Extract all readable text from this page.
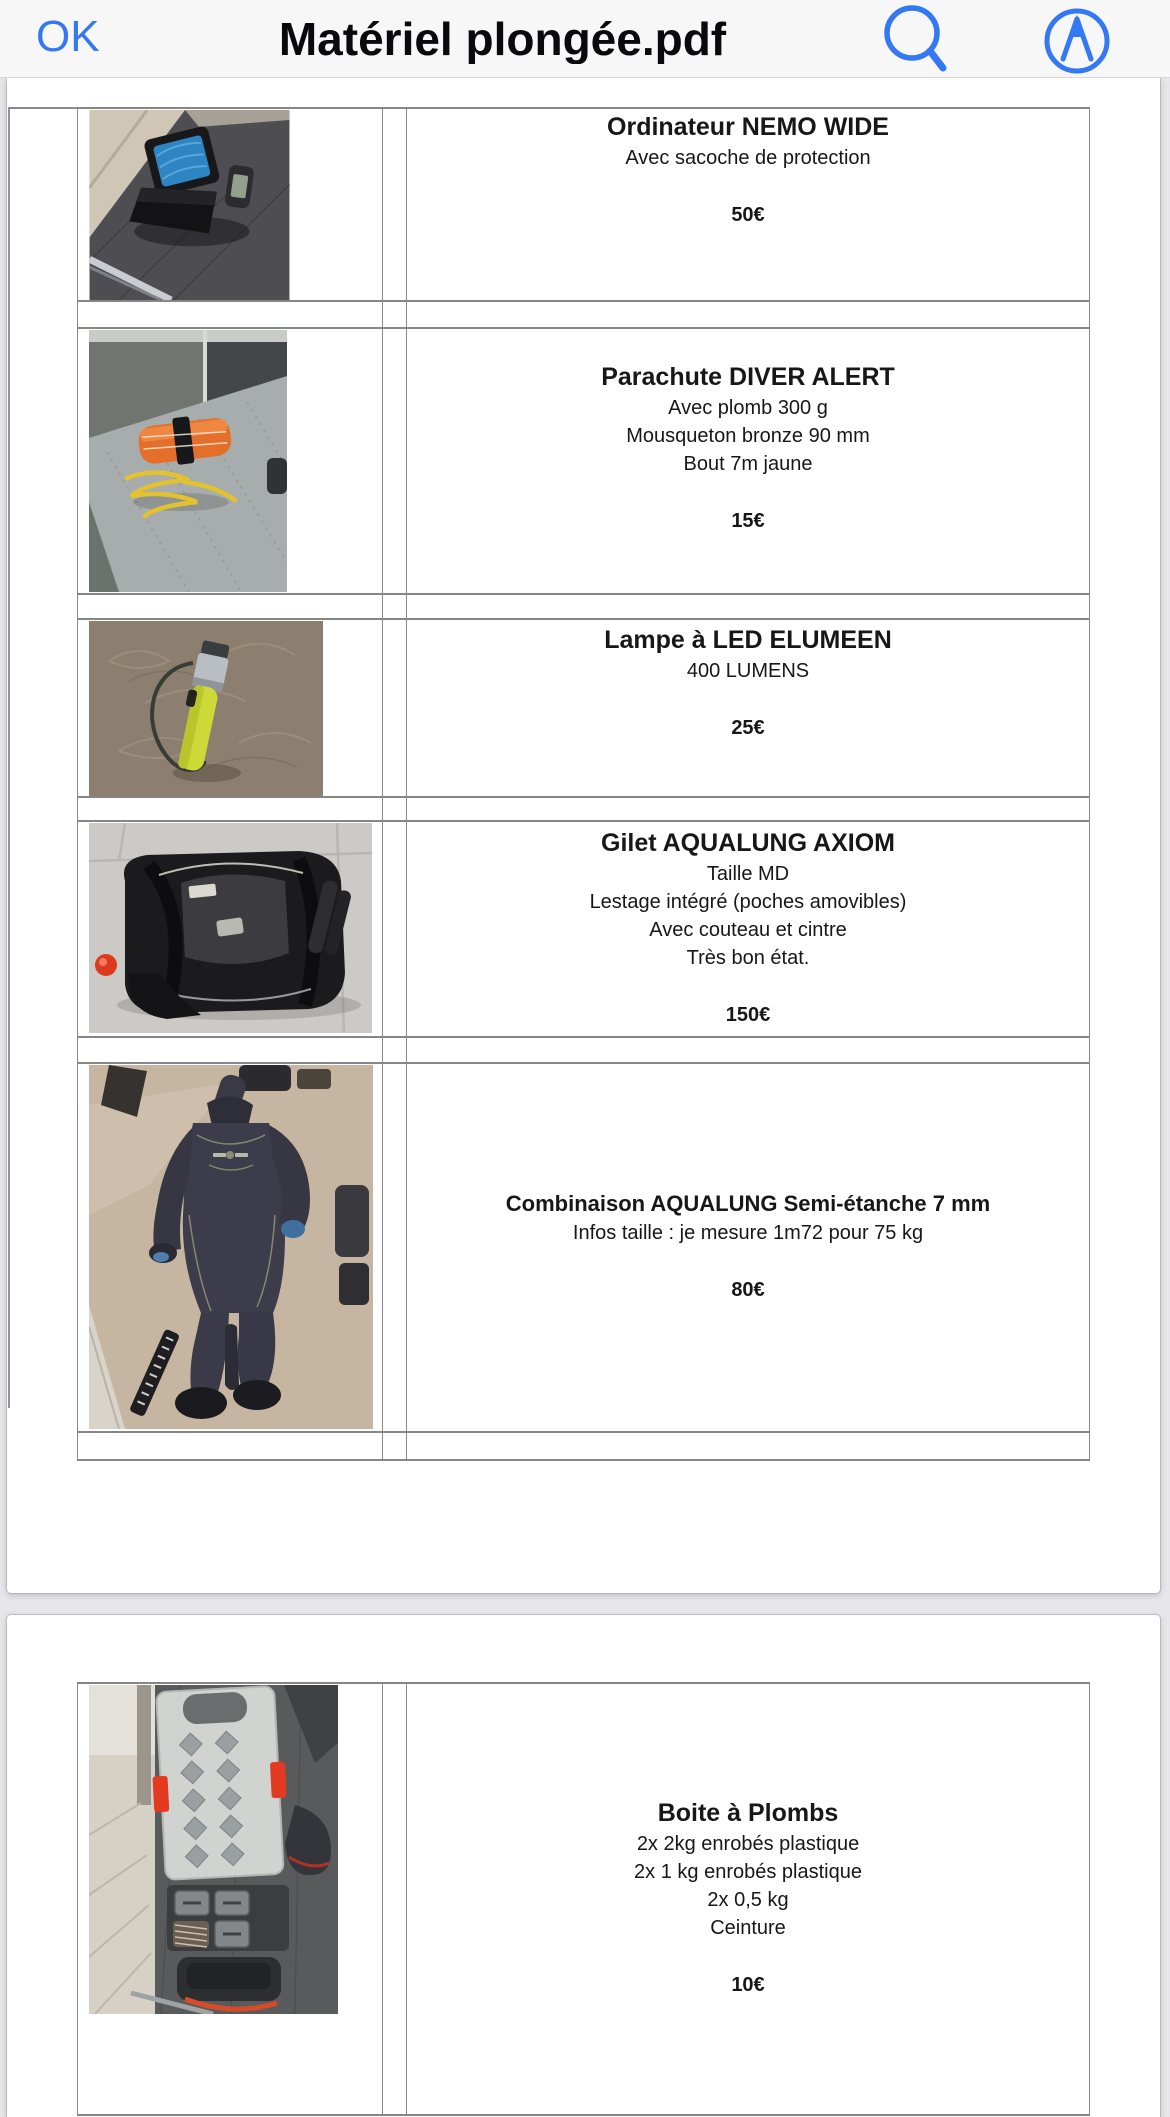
OK	Matériel plongée.pdf
Ordinateur NEMO WIDE
Avec sacoche de protection
50€
Parachute DIVER ALERT
Avec plomb 300 g
Mousqueton bronze 90 mm
Bout 7m jaune
15€
Lampe à LED ELUMEEN
400 LUMENS
25€
Gilet AQUALUNG AXIOM
Taille MD
Lestage intégré (poches amovibles)
Avec couteau et cintre
Très bon état.
150€
Combinaison AQUALUNG Semi-étanche 7 mm
Infos taille : je mesure 1m72 pour 75 kg
80€
Boite à Plombs
2x 2kg enrobés plastique
2x 1 kg enrobés plastique
2x 0,5 kg
Ceinture
10€
